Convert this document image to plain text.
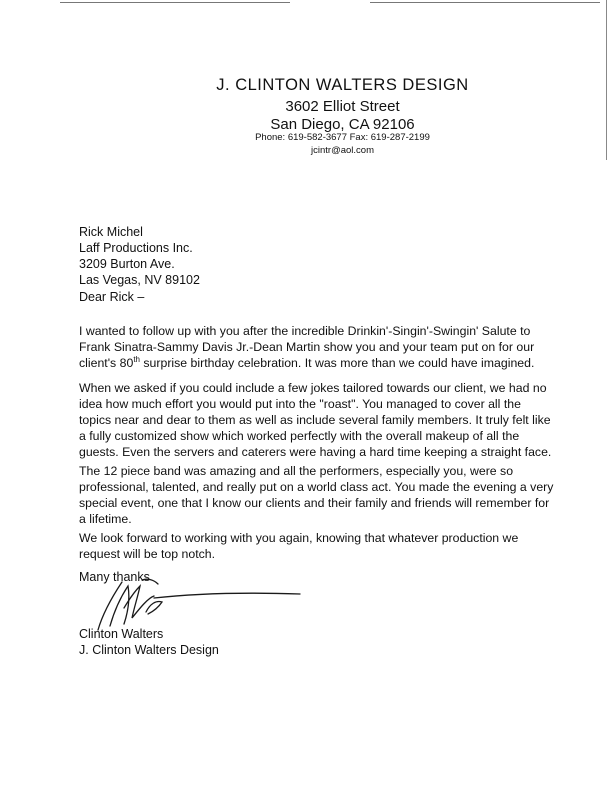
J. CLINTON WALTERS DESIGN
3602 Elliot Street
San Diego, CA 92106
Phone: 619-582-3677 Fax: 619-287-2199
jcintr@aol.com
Rick Michel
Laff Productions Inc.
3209 Burton Ave.
Las Vegas, NV 89102
Dear Rick –
I wanted to follow up with you after the incredible Drinkin'-Singin'-Swingin' Salute to
Frank Sinatra-Sammy Davis Jr.-Dean Martin show you and your team put on for our
client's 80th surprise birthday celebration. It was more than we could have imagined.
When we asked if you could include a few jokes tailored towards our client, we had no
idea how much effort you would put into the "roast". You managed to cover all the
topics near and dear to them as well as include several family members. It truly felt like
a fully customized show which worked perfectly with the overall makeup of all the
guests. Even the servers and caterers were having a hard time keeping a straight face.
The 12 piece band was amazing and all the performers, especially you, were so
professional, talented, and really put on a world class act. You made the evening a very
special event, one that I know our clients and their family and friends will remember for
a lifetime.
We look forward to working with you again, knowing that whatever production we
request will be top notch.
Many thanks
Clinton Walters
J. Clinton Walters Design
